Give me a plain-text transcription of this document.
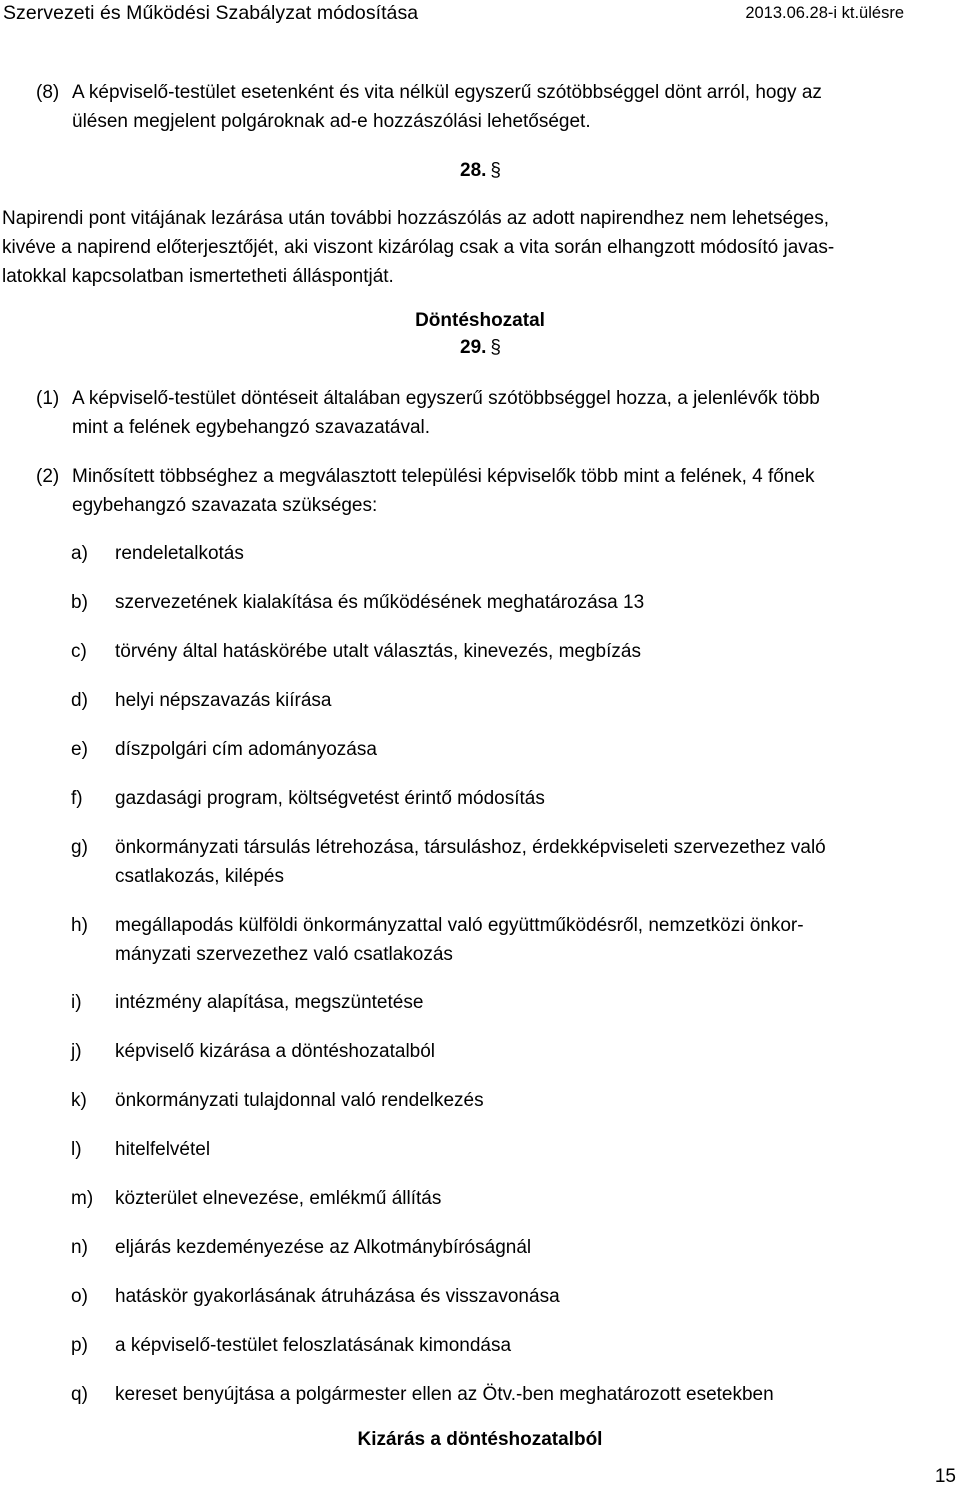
Szervezeti és Működési Szabályzat módosítása	2013.06.28-i kt.ülésre
(8) A képviselő-testület esetenként és vita nélkül egyszerű szótöbbséggel dönt arról, hogy az
ülésen megjelent polgároknak ad-e hozzászólási lehetőséget.
28. §
Napirendi pont vitájának lezárása után további hozzászólás az adott napirendhez nem lehetséges,
kivéve a napirend előterjesztőjét, aki viszont kizárólag csak a vita során elhangzott módosító javas-
latokkal kapcsolatban ismertetheti álláspontját.
Döntéshozatal
29. §
(1) A képviselő-testület döntéseit általában egyszerű szótöbbséggel hozza, a jelenlévők több
mint a felének egybehangzó szavazatával.
(2) Minősített többséghez a megválasztott települési képviselők több mint a felének, 4 főnek
egybehangzó szavazata szükséges:
a) rendeletalkotás
b) szervezetének kialakítása és működésének meghatározása 13
c) törvény által hatáskörébe utalt választás, kinevezés, megbízás
d) helyi népszavazás kiírása
e) díszpolgári cím adományozása
f) gazdasági program, költségvetést érintő módosítás
g) önkormányzati társulás létrehozása, társuláshoz, érdekképviseleti szervezethez való
csatlakozás, kilépés
h) megállapodás külföldi önkormányzattal való együttműködésről, nemzetközi önkor-
mányzati szervezethez való csatlakozás
i) intézmény alapítása, megszüntetése
j) képviselő kizárása a döntéshozatalból
k) önkormányzati tulajdonnal való rendelkezés
l) hitelfelvétel
m) közterület elnevezése, emlékmű állítás
n) eljárás kezdeményezése az Alkotmánybíróságnál
o) hatáskör gyakorlásának átruházása és visszavonása
p) a képviselő-testület feloszlatásának kimondása
q) kereset benyújtása a polgármester ellen az Ötv.-ben meghatározott esetekben
Kizárás a döntéshozatalból
15
